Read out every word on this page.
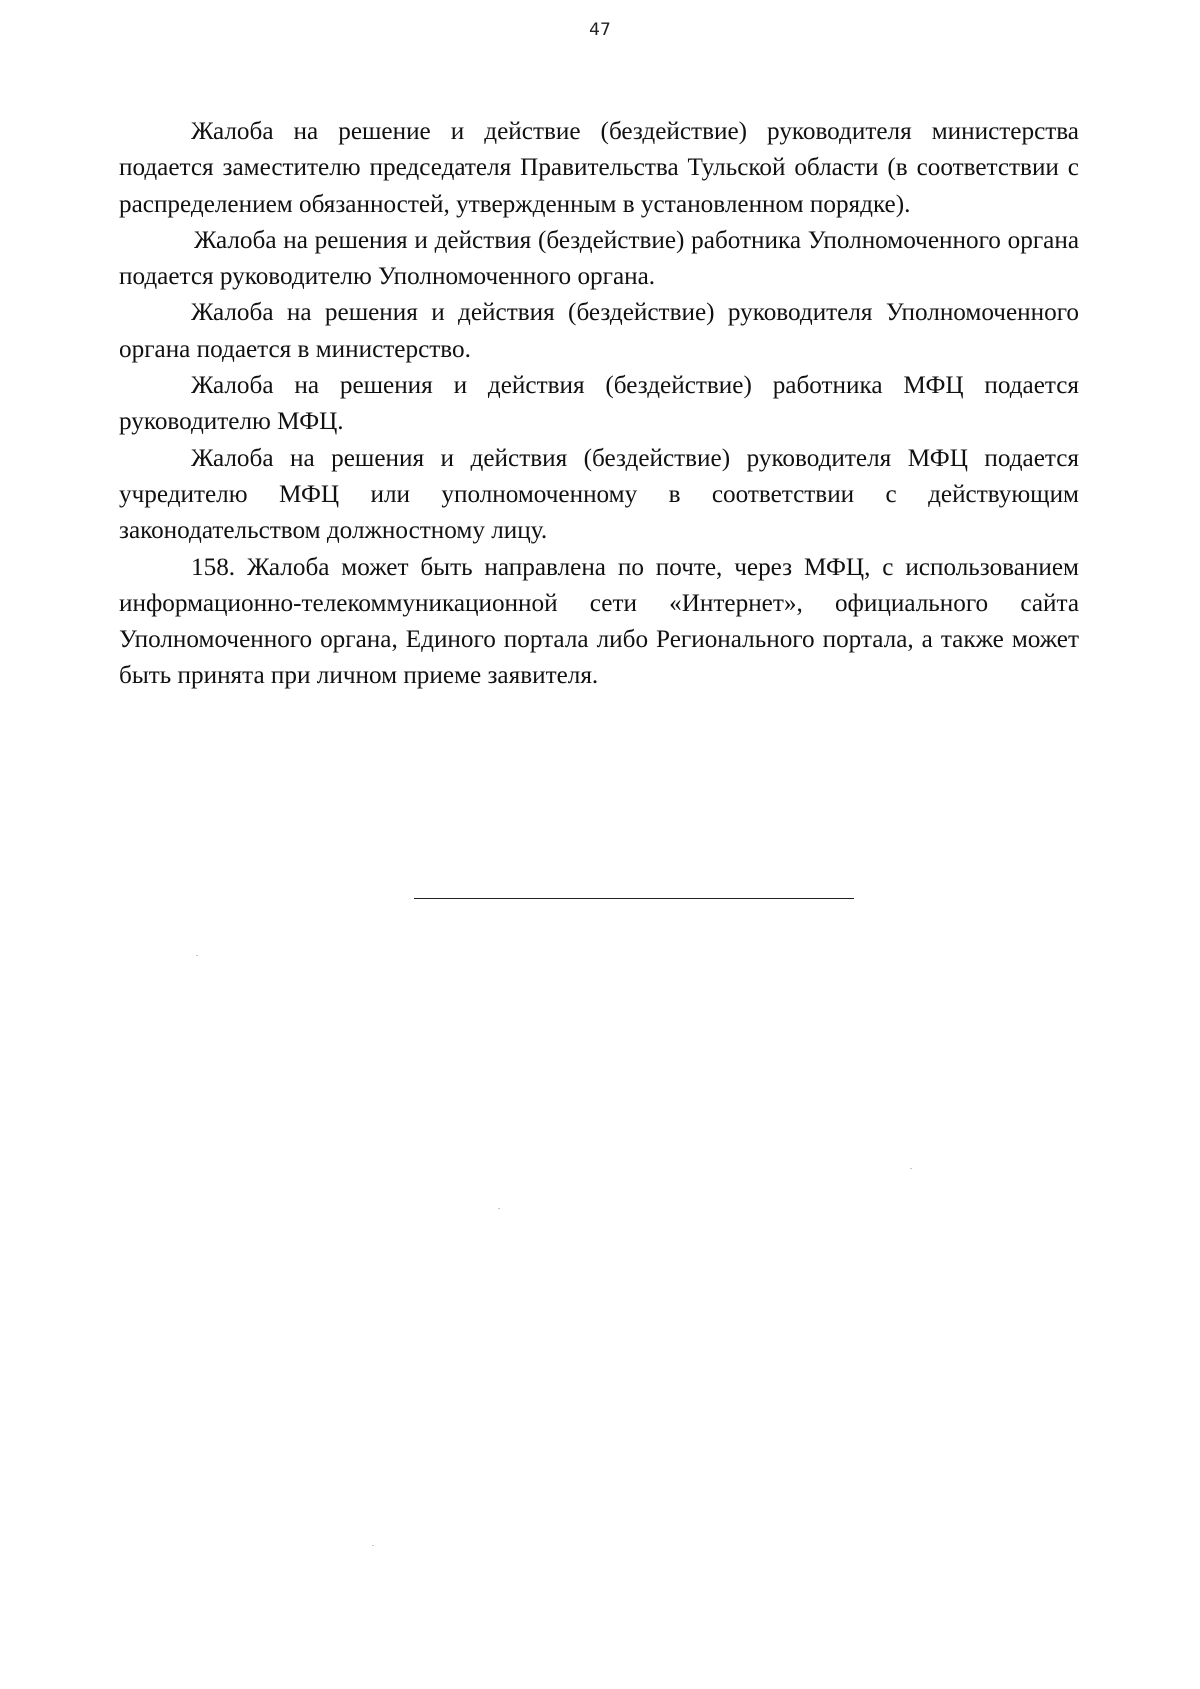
47

Жалоба на решение и действие (бездействие) руководителя министерства подается заместителю председателя Правительства Тульской области (в соответствии с распределением обязанностей, утвержденным в установленном порядке).

Жалоба на решения и действия (бездействие) работника Уполномоченного органа подается руководителю Уполномоченного органа.

Жалоба на решения и действия (бездействие) руководителя Уполномоченного органа подается в министерство.

Жалоба на решения и действия (бездействие) работника МФЦ подается руководителю МФЦ.

Жалоба на решения и действия (бездействие) руководителя МФЦ подается учредителю МФЦ или уполномоченному в соответствии с действующим законодательством должностному лицу.

158. Жалоба может быть направлена по почте, через МФЦ, с использованием информационно-телекоммуникационной сети «Интернет», официального сайта Уполномоченного органа, Единого портала либо Регионального портала, а также может быть принята при личном приеме заявителя.
